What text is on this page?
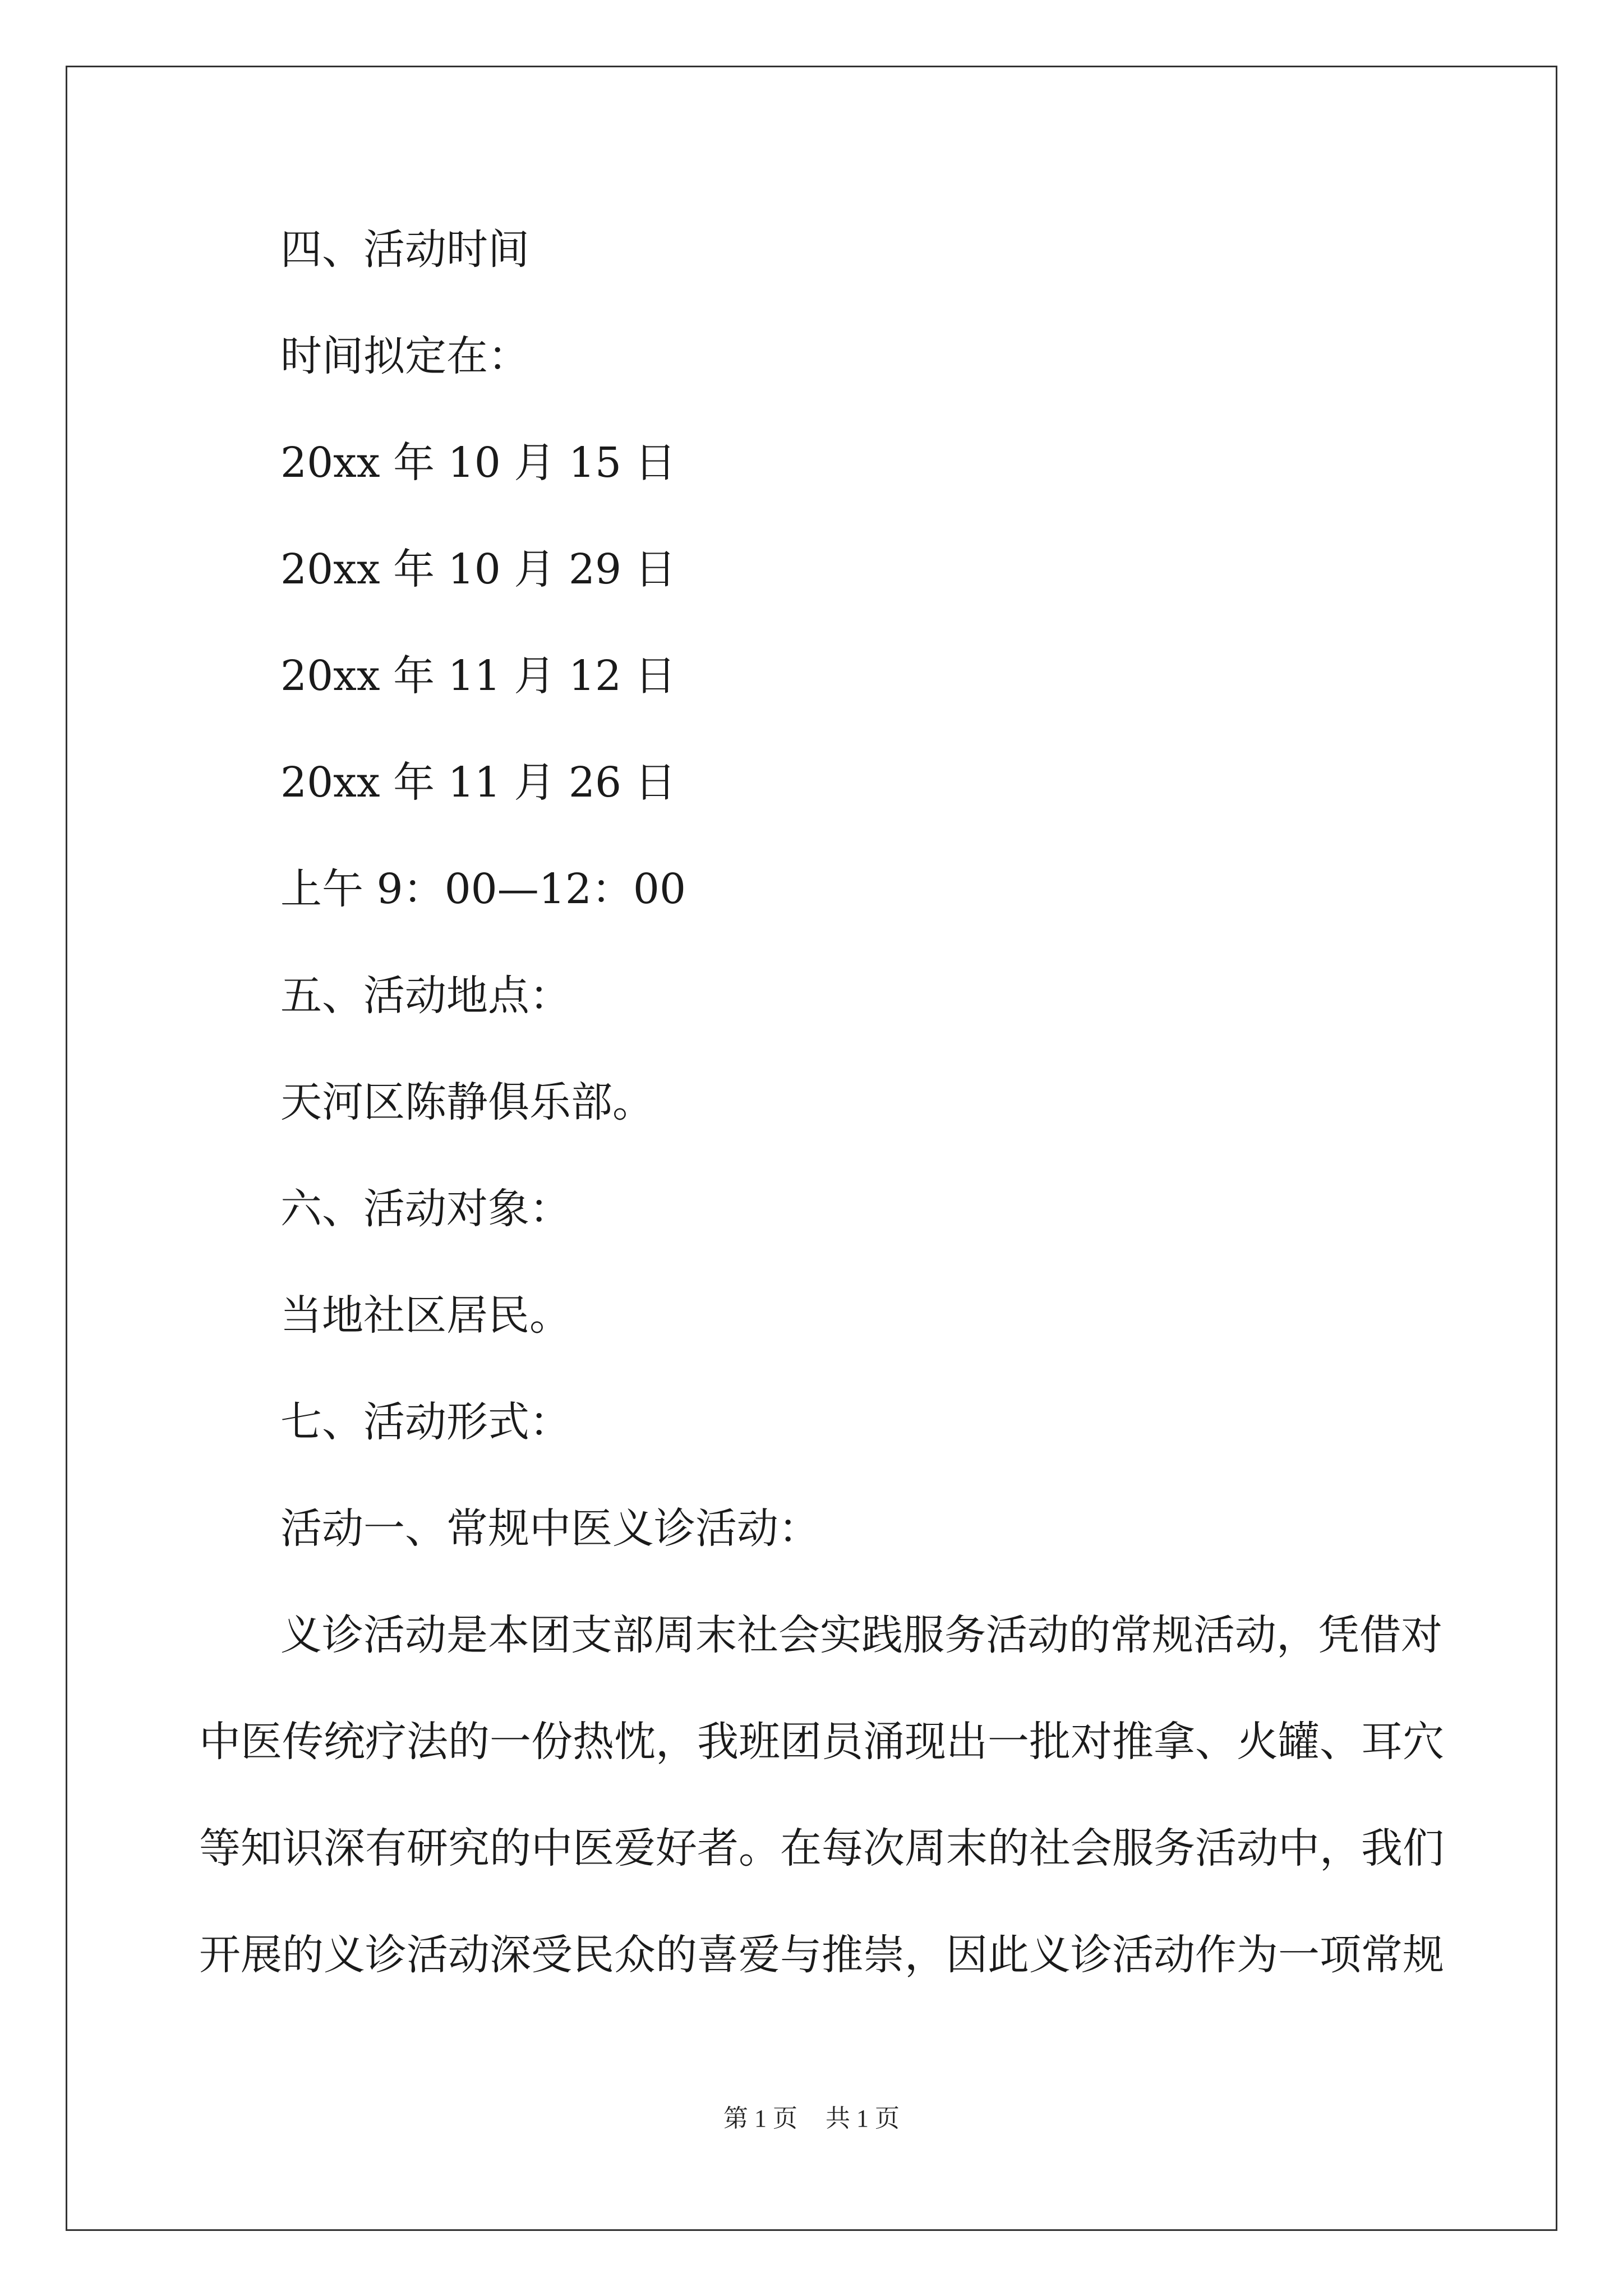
四、活动时间
时间拟定在：
20xx 年 10 月 15 日
20xx 年 10 月 29 日
20xx 年 11 月 12 日
20xx 年 11 月 26 日
上午 9：00—12：00
五、活动地点：
天河区陈静俱乐部。
六、活动对象：
当地社区居民。
七、活动形式：
活动一、常规中医义诊活动：
义诊活动是本团支部周末社会实践服务活动的常规活动，凭借对
中医传统疗法的一份热忱，我班团员涌现出一批对推拿、火罐、耳穴
等知识深有研究的中医爱好者。在每次周末的社会服务活动中，我们
开展的义诊活动深受民众的喜爱与推崇，因此义诊活动作为一项常规
第 1 页 共 1 页
